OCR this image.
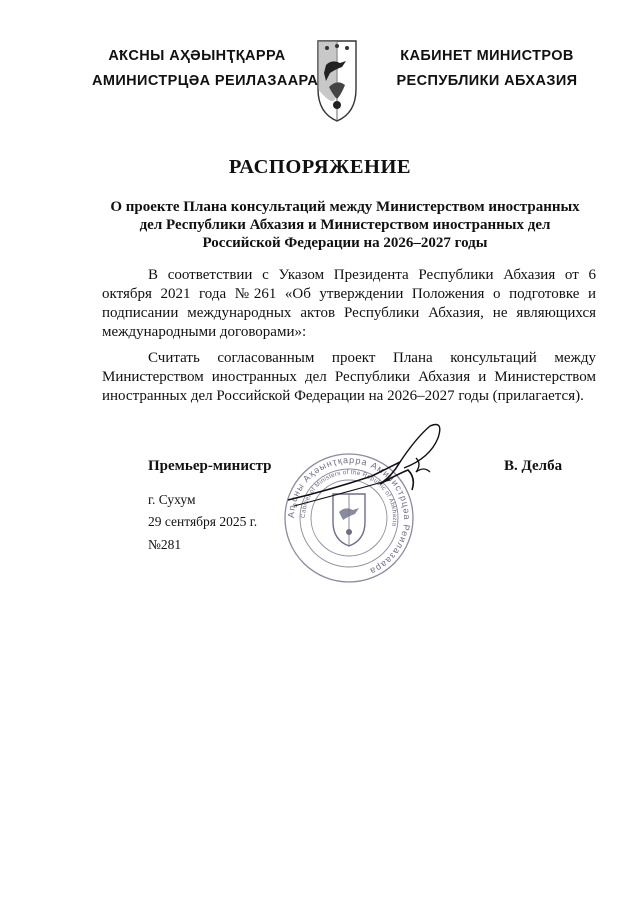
АҞСНЫ АҲӘЫНҬҚАРРА
АМИНИСТРЦӘА РЕИЛАЗААРА
КАБИНЕТ МИНИСТРОВ
РЕСПУБЛИКИ АБХАЗИЯ
РАСПОРЯЖЕНИЕ
О проекте Плана консультаций между Министерством иностранных
дел Республики Абхазия и Министерством иностранных дел
Российской Федерации на 2026–2027 годы

В соответствии с Указом Президента Республики Абхазия от 6 октября 2021 года №261 «Об утверждении Положения о подготовке и подписании международных актов Республики Абхазия, не являющихся международными договорами»:

Считать согласованным проект Плана консультаций между Министерством иностранных дел Республики Абхазия и Министерством иностранных дел Российской Федерации на 2026–2027 годы (прилагается).

Аҧсны Аҳәынҭқарра Аминистрцәа Реилазаара
Cabinet of Ministers of the Republic of Abkhazia
Премьер-министр	В. Делба
г. Сухум
29 сентября 2025 г.
№281
